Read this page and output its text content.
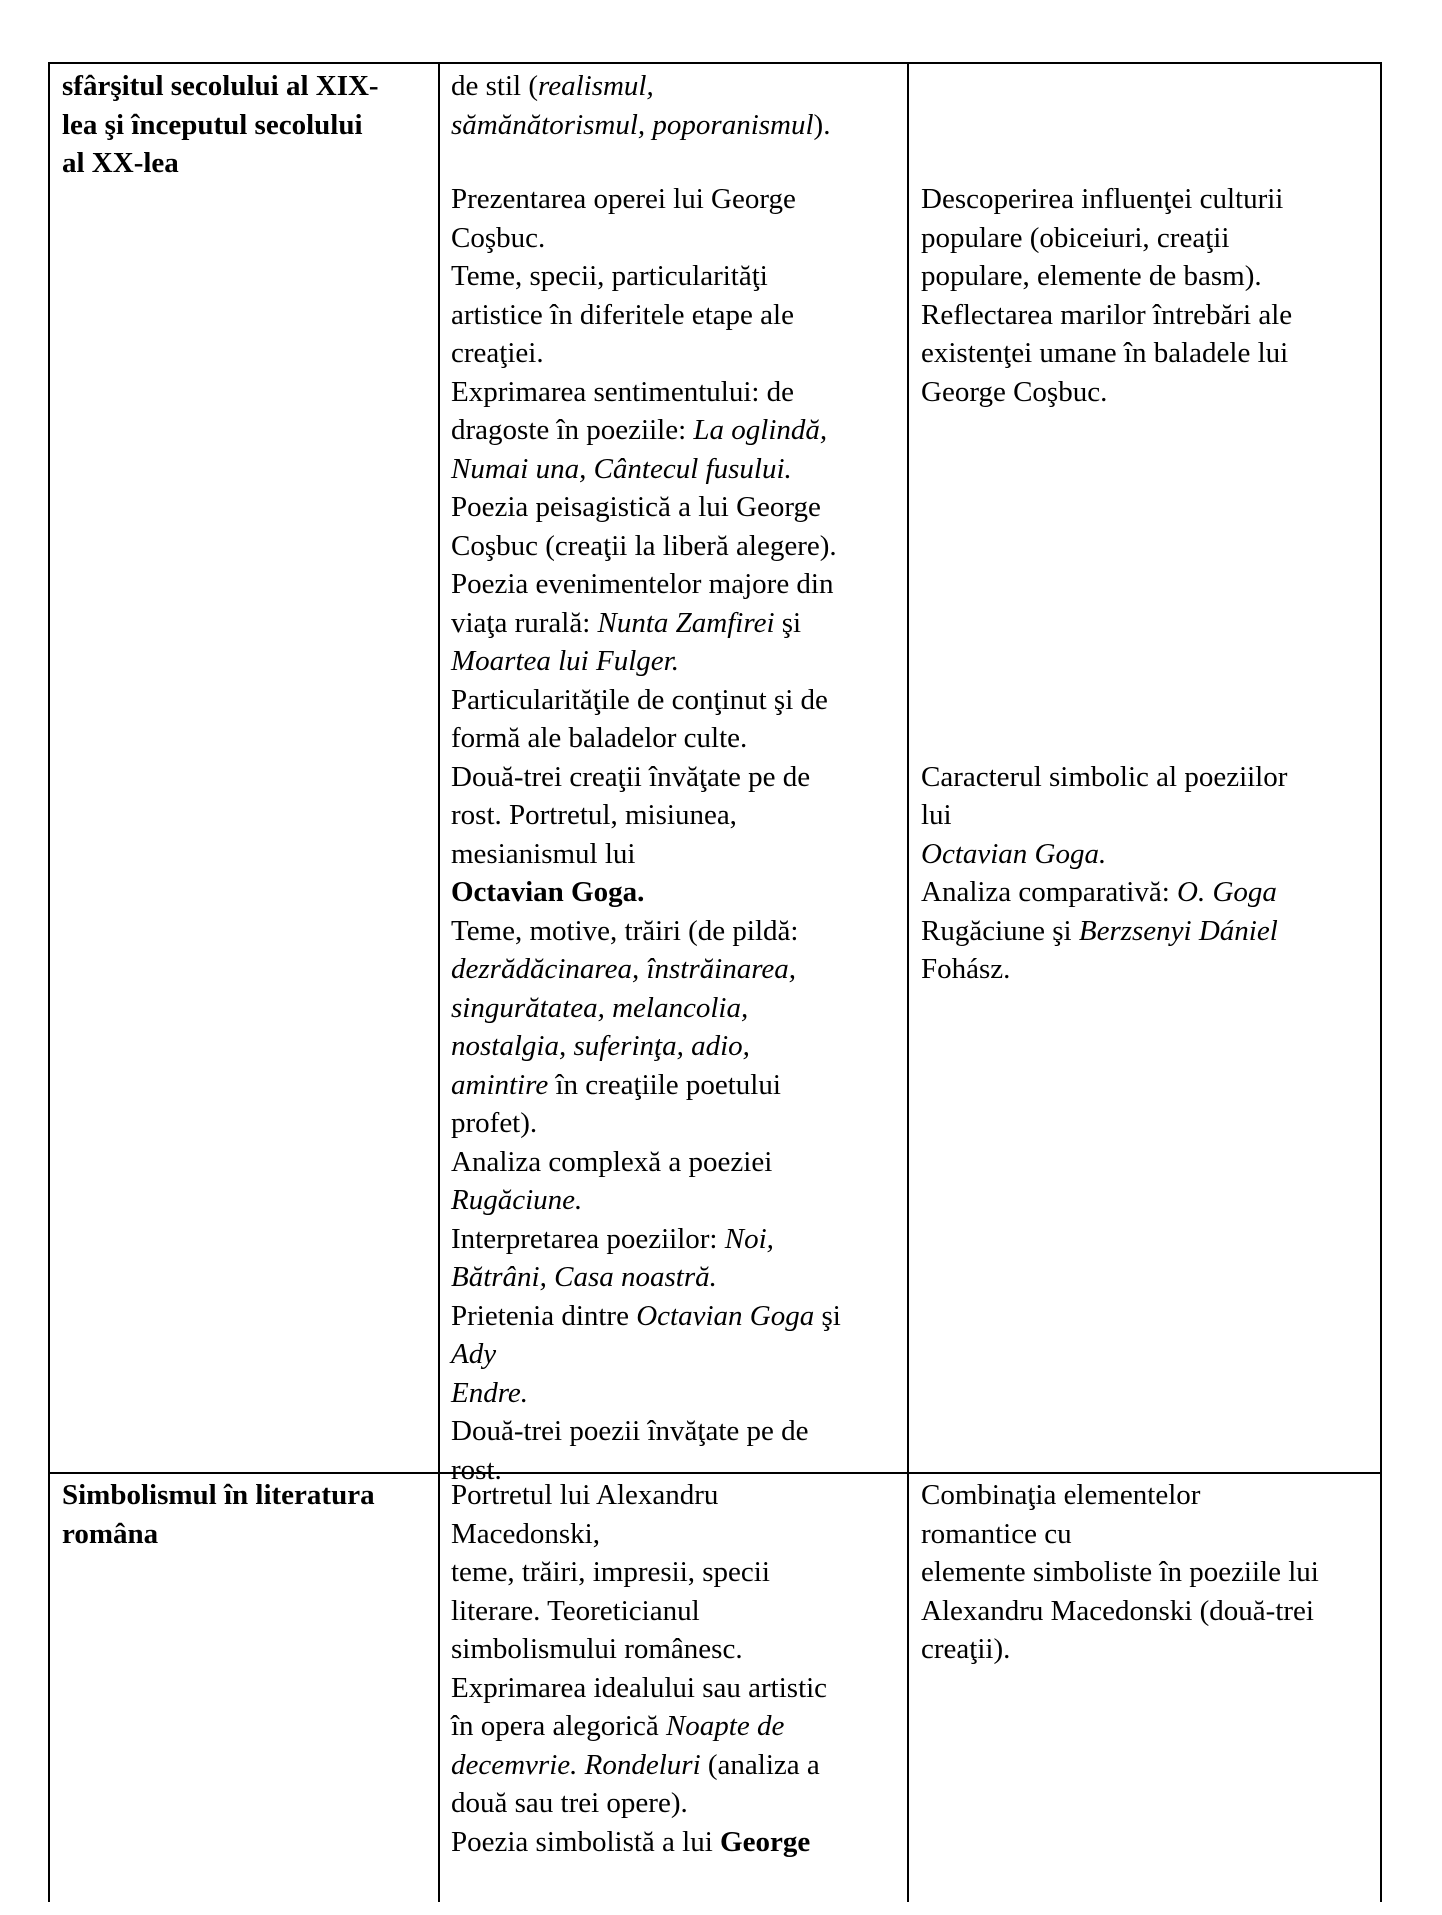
sfârşitul secolului al XIX-
lea şi începutul secolului
al XX-lea
de stil (realismul,
sămănătorismul, poporanismul).
Prezentarea operei lui George
Coşbuc.
Teme, specii, particularităţi
artistice în diferitele etape ale
creaţiei.
Exprimarea sentimentului: de
dragoste în poeziile: La oglindă,
Numai una, Cântecul fusului.
Poezia peisagistică a lui George
Coşbuc (creaţii la liberă alegere).
Poezia evenimentelor majore din
viaţa rurală: Nunta Zamfirei şi
Moartea lui Fulger.
Particularităţile de conţinut şi de
formă ale baladelor culte.
Două-trei creaţii învăţate pe de
rost. Portretul, misiunea,
mesianismul lui
Octavian Goga.
Teme, motive, trăiri (de pildă:
dezrădăcinarea, înstrăinarea,
singurătatea, melancolia,
nostalgia, suferinţa, adio,
amintire în creaţiile poetului
profet).
Analiza complexă a poeziei
Rugăciune.
Interpretarea poeziilor: Noi,
Bătrâni, Casa noastră.
Prietenia dintre Octavian Goga şi
Ady
Endre.
Două-trei poezii învăţate pe de
rost.
Descoperirea influenţei culturii
populare (obiceiuri, creaţii
populare, elemente de basm).
Reflectarea marilor întrebări ale
existenţei umane în baladele lui
George Coşbuc.
Caracterul simbolic al poeziilor
lui
Octavian Goga.
Analiza comparativă: O. Goga
Rugăciune şi Berzsenyi Dániel
Fohász.
Simbolismul în literatura
româna
Portretul lui Alexandru
Macedonski,
teme, trăiri, impresii, specii
literare. Teoreticianul
simbolismului românesc.
Exprimarea idealului sau artistic
în opera alegorică Noapte de
decemvrie. Rondeluri (analiza a
două sau trei opere).
Poezia simbolistă a lui George
Combinaţia elementelor
romantice cu
elemente simboliste în poeziile lui
Alexandru Macedonski (două-trei
creaţii).
